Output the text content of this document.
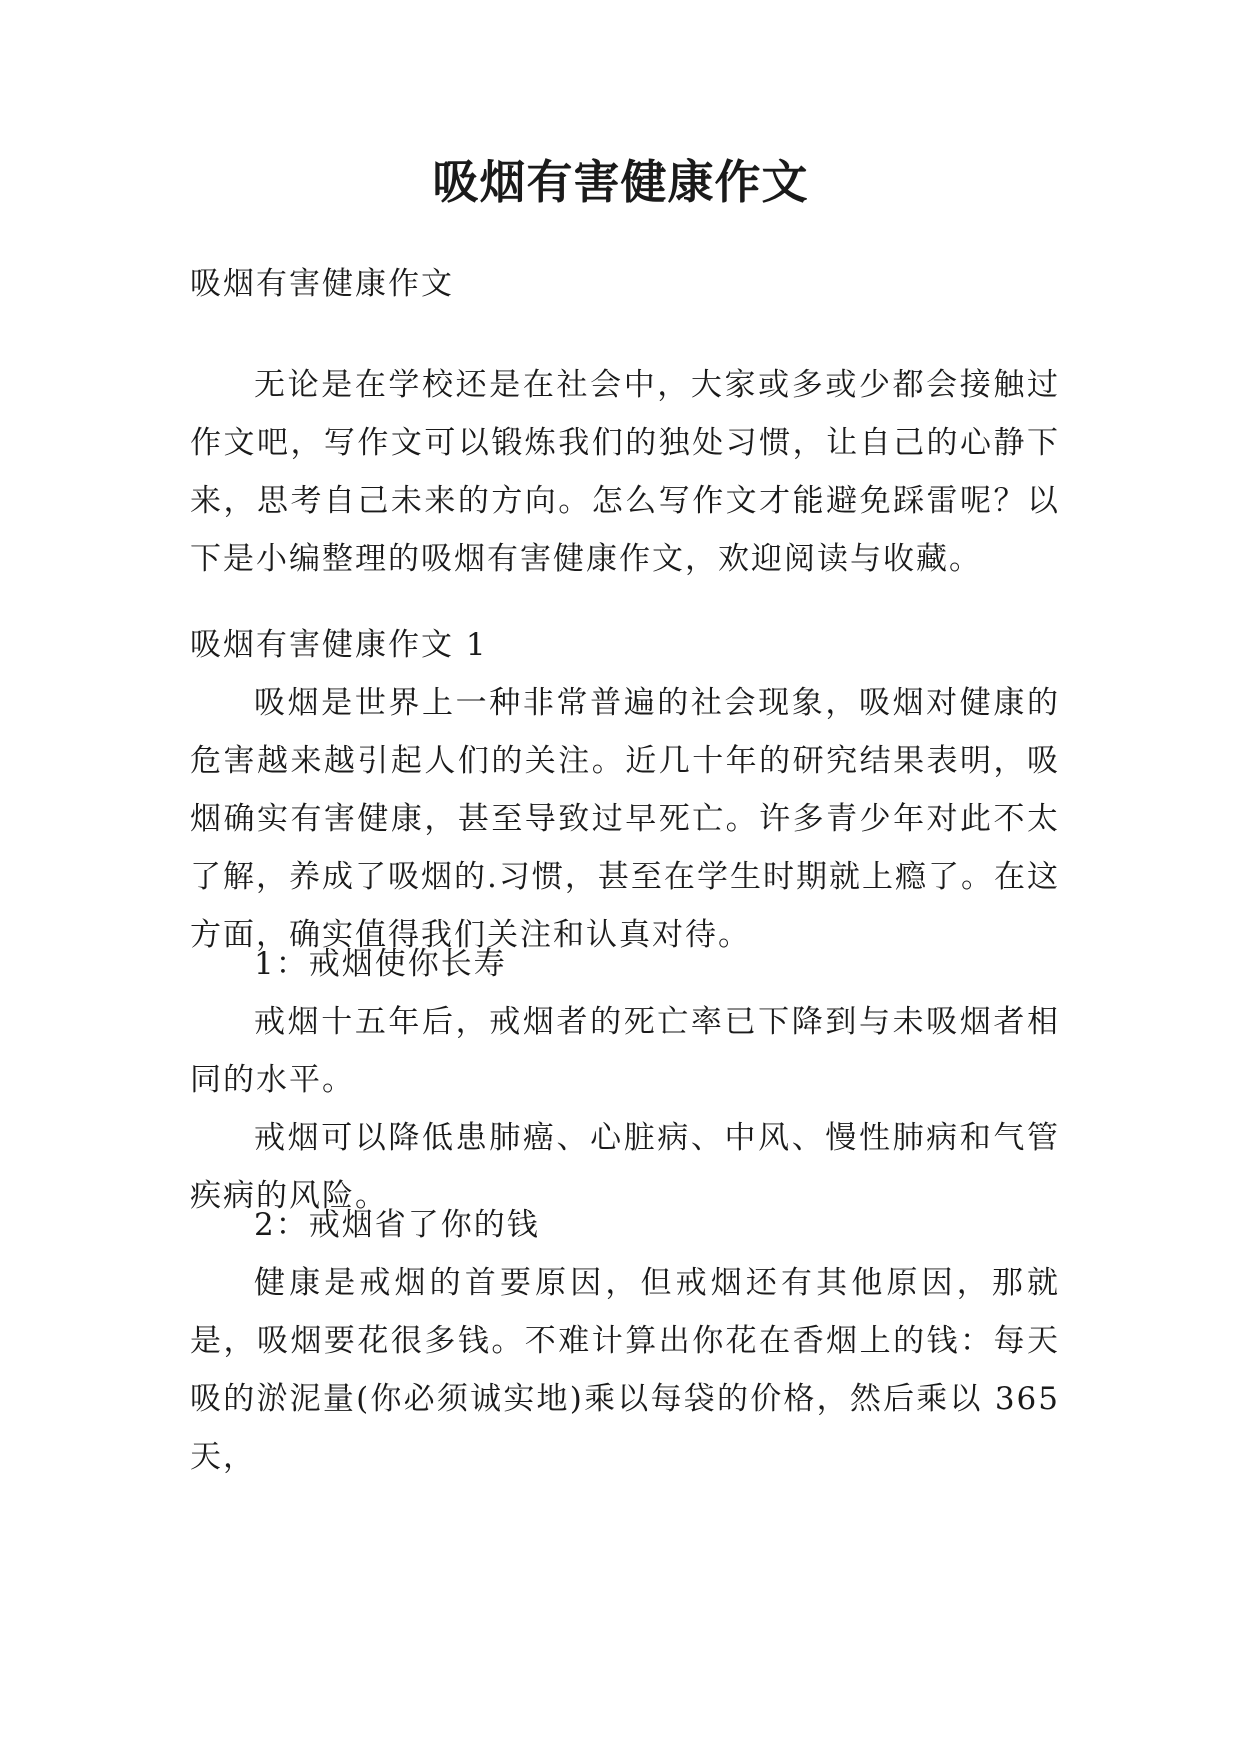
吸烟有害健康作文

吸烟有害健康作文

无论是在学校还是在社会中，大家或多或少都会接触过作文吧，写作文可以锻炼我们的独处习惯，让自己的心静下来，思考自己未来的方向。怎么写作文才能避免踩雷呢？以下是小编整理的吸烟有害健康作文，欢迎阅读与收藏。

吸烟有害健康作文 1

吸烟是世界上一种非常普遍的社会现象，吸烟对健康的危害越来越引起人们的关注。近几十年的研究结果表明，吸烟确实有害健康，甚至导致过早死亡。许多青少年对此不太了解，养成了吸烟的.习惯，甚至在学生时期就上瘾了。在这方面，确实值得我们关注和认真对待。

1：戒烟使你长寿

戒烟十五年后，戒烟者的死亡率已下降到与未吸烟者相同的水平。

戒烟可以降低患肺癌、心脏病、中风、慢性肺病和气管疾病的风险。

2：戒烟省了你的钱

健康是戒烟的首要原因，但戒烟还有其他原因，那就是，吸烟要花很多钱。不难计算出你花在香烟上的钱：每天吸的淤泥量(你必须诚实地)乘以每袋的价格，然后乘以 365 天，
